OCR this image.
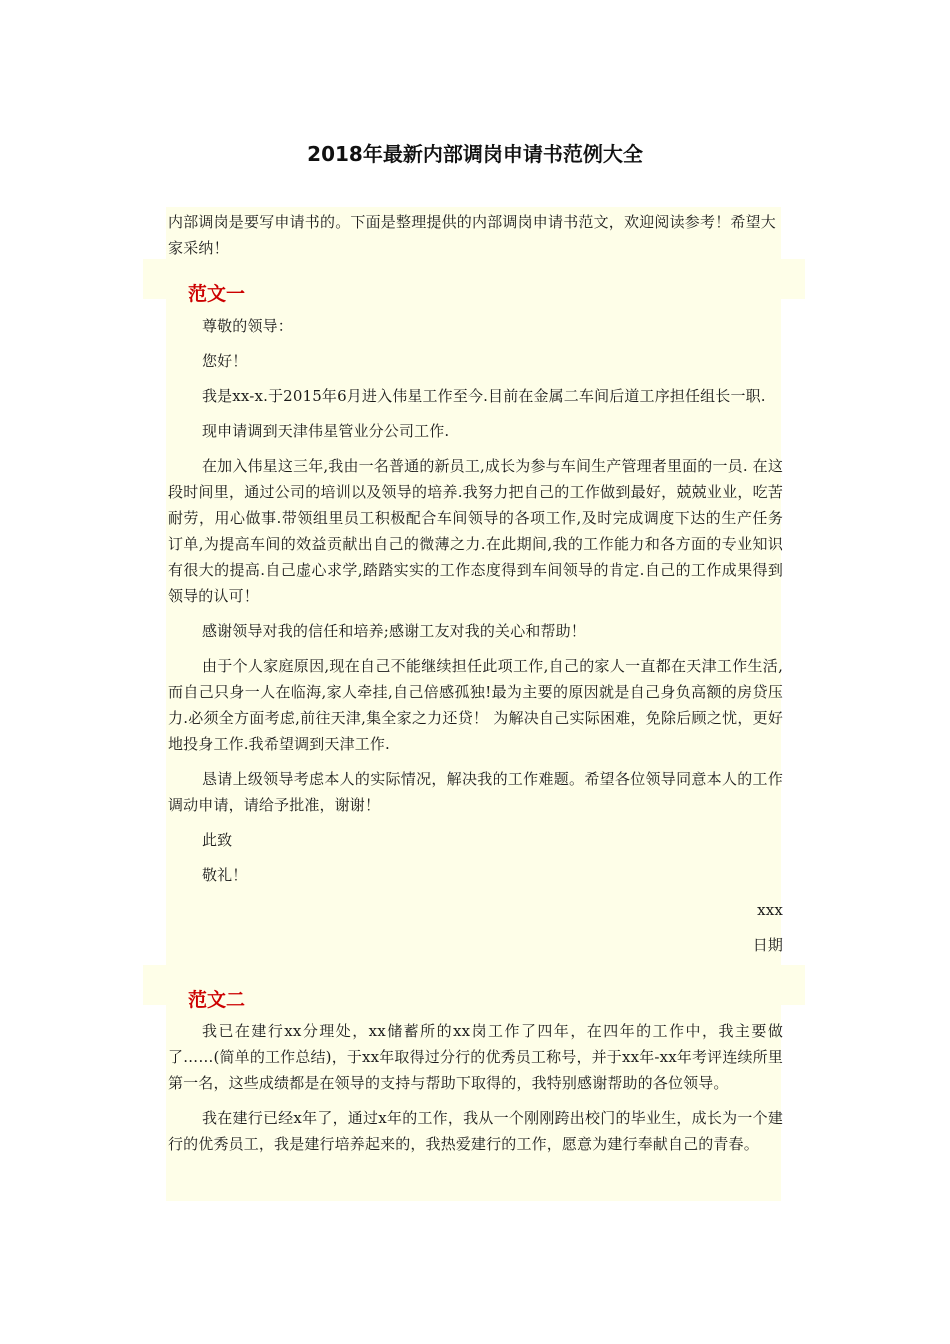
2018年最新内部调岗申请书范例大全
内部调岗是要写申请书的。下面是整理提供的内部调岗申请书范文，欢迎阅读参考！希望大家采纳！
范文一

尊敬的领导：

您好！

我是xx-x.于2015年6月进入伟星工作至今.目前在金属二车间后道工序担任组长一职.

现申请调到天津伟星管业分公司工作.

在加入伟星这三年,我由一名普通的新员工,成长为参与车间生产管理者里面的一员. 在这段时间里，通过公司的培训以及领导的培养.我努力把自己的工作做到最好，兢兢业业，吃苦耐劳，用心做事.带领组里员工积极配合车间领导的各项工作,及时完成调度下达的生产任务订单,为提高车间的效益贡献出自己的微薄之力.在此期间,我的工作能力和各方面的专业知识有很大的提高.自己虚心求学,踏踏实实的工作态度得到车间领导的肯定.自己的工作成果得到领导的认可！

感谢领导对我的信任和培养;感谢工友对我的关心和帮助！

由于个人家庭原因,现在自己不能继续担任此项工作,自己的家人一直都在天津工作生活,而自己只身一人在临海,家人牵挂,自己倍感孤独!最为主要的原因就是自己身负高额的房贷压力.必须全方面考虑,前往天津,集全家之力还贷！ 为解决自己实际困难，免除后顾之忧，更好地投身工作.我希望调到天津工作.

恳请上级领导考虑本人的实际情况，解决我的工作难题。希望各位领导同意本人的工作调动申请，请给予批准，谢谢！

此致

敬礼！

xxx

日期

范文二

我已在建行xx分理处，xx储蓄所的xx岗工作了四年，在四年的工作中，我主要做了……(简单的工作总结)，于xx年取得过分行的优秀员工称号，并于xx年-xx年考评连续所里第一名，这些成绩都是在领导的支持与帮助下取得的，我特别感谢帮助的各位领导。

我在建行已经x年了，通过x年的工作，我从一个刚刚跨出校门的毕业生，成长为一个建行的优秀员工，我是建行培养起来的，我热爱建行的工作，愿意为建行奉献自己的青春。
